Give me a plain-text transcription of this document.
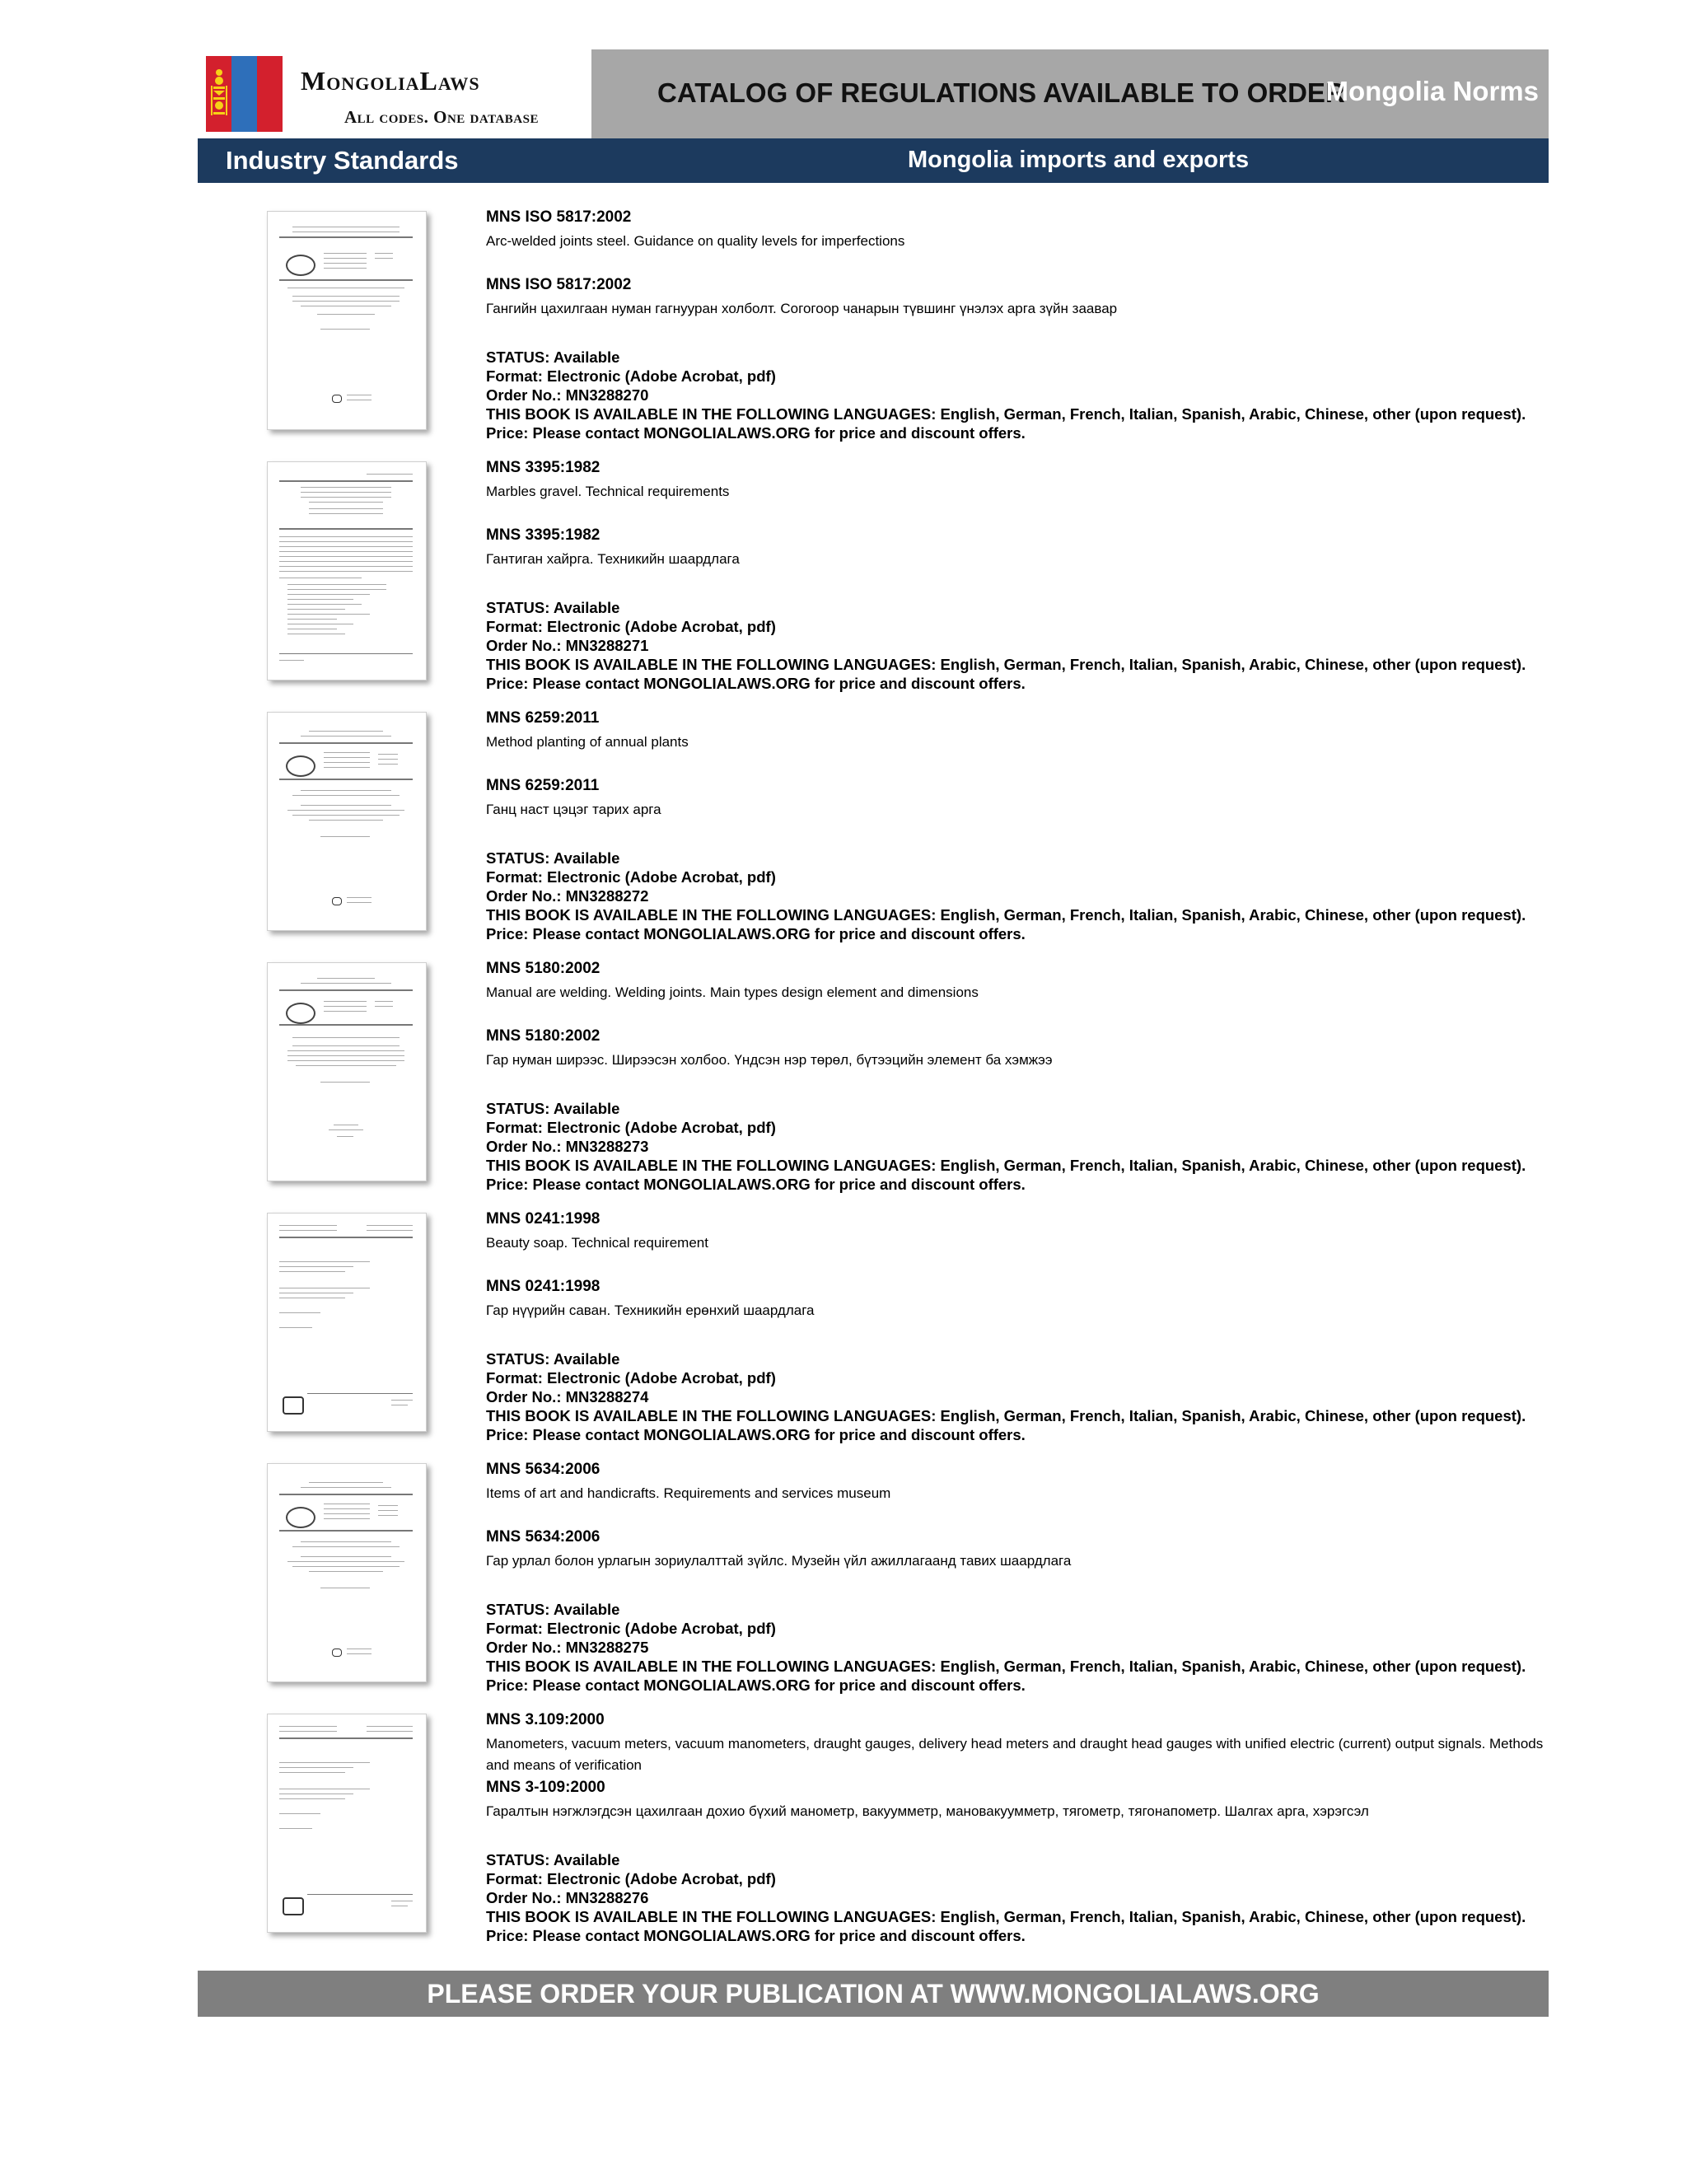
MongoliaLaws
All codes. One database
CATALOG OF REGULATIONS AVAILABLE TO ORDER
Mongolia Norms
Industry Standards	Mongolia imports and exports
MNS ISO 5817:2002
Arc-welded joints steel. Guidance on quality levels for imperfections
MNS ISO 5817:2002
Гангийн цахилгаан нуман гагнууран холболт. Согогоор чанарын түвшинг үнэлэх арга зүйн заавар
STATUS: Available
Format: Electronic (Adobe Acrobat, pdf)
Order No.: MN3288270
THIS BOOK IS AVAILABLE IN THE FOLLOWING LANGUAGES: English, German, French, Italian, Spanish, Arabic, Chinese, other (upon request).
Price: Please contact MONGOLIALAWS.ORG for price and discount offers.
MNS 3395:1982
Marbles gravel. Technical requirements
MNS 3395:1982
Гантиган хайрга. Техникийн шаардлага
STATUS: Available
Format: Electronic (Adobe Acrobat, pdf)
Order No.: MN3288271
THIS BOOK IS AVAILABLE IN THE FOLLOWING LANGUAGES: English, German, French, Italian, Spanish, Arabic, Chinese, other (upon request).
Price: Please contact MONGOLIALAWS.ORG for price and discount offers.
MNS 6259:2011
Method planting of annual plants
MNS 6259:2011
Ганц наст цэцэг тарих арга
STATUS: Available
Format: Electronic (Adobe Acrobat, pdf)
Order No.: MN3288272
THIS BOOK IS AVAILABLE IN THE FOLLOWING LANGUAGES: English, German, French, Italian, Spanish, Arabic, Chinese, other (upon request).
Price: Please contact MONGOLIALAWS.ORG for price and discount offers.
MNS 5180:2002
Manual are welding. Welding joints. Main types design element and dimensions
MNS 5180:2002
Гар нуман ширээс. Ширээсэн холбоо. Үндсэн нэр төрөл, бүтээцийн элемент ба хэмжээ
STATUS: Available
Format: Electronic (Adobe Acrobat, pdf)
Order No.: MN3288273
THIS BOOK IS AVAILABLE IN THE FOLLOWING LANGUAGES: English, German, French, Italian, Spanish, Arabic, Chinese, other (upon request).
Price: Please contact MONGOLIALAWS.ORG for price and discount offers.
MNS 0241:1998
Beauty soap. Technical requirement
MNS 0241:1998
Гар нүүрийн саван. Техникийн ерөнхий шаардлага
STATUS: Available
Format: Electronic (Adobe Acrobat, pdf)
Order No.: MN3288274
THIS BOOK IS AVAILABLE IN THE FOLLOWING LANGUAGES: English, German, French, Italian, Spanish, Arabic, Chinese, other (upon request).
Price: Please contact MONGOLIALAWS.ORG for price and discount offers.
MNS 5634:2006
Items of art and handicrafts. Requirements and services museum
MNS 5634:2006
Гар урлал болон урлагын зориулалттай зүйлс. Музейн үйл ажиллагаанд тавих шаардлага
STATUS: Available
Format: Electronic (Adobe Acrobat, pdf)
Order No.: MN3288275
THIS BOOK IS AVAILABLE IN THE FOLLOWING LANGUAGES: English, German, French, Italian, Spanish, Arabic, Chinese, other (upon request).
Price: Please contact MONGOLIALAWS.ORG for price and discount offers.
MNS 3.109:2000
Manometers, vacuum meters, vacuum manometers, draught gauges, delivery head meters and draught head gauges with unified electric (current) output signals. Methods and means of verification
MNS 3-109:2000
Гаралтын нэгжлэгдсэн цахилгаан дохио бүхий манометр, вакуумметр, мановакуумметр, тягометр, тягонапометр. Шалгах арга, хэрэгсэл
STATUS: Available
Format: Electronic (Adobe Acrobat, pdf)
Order No.: MN3288276
THIS BOOK IS AVAILABLE IN THE FOLLOWING LANGUAGES: English, German, French, Italian, Spanish, Arabic, Chinese, other (upon request).
Price: Please contact MONGOLIALAWS.ORG for price and discount offers.
PLEASE ORDER YOUR PUBLICATION AT WWW.MONGOLIALAWS.ORG
